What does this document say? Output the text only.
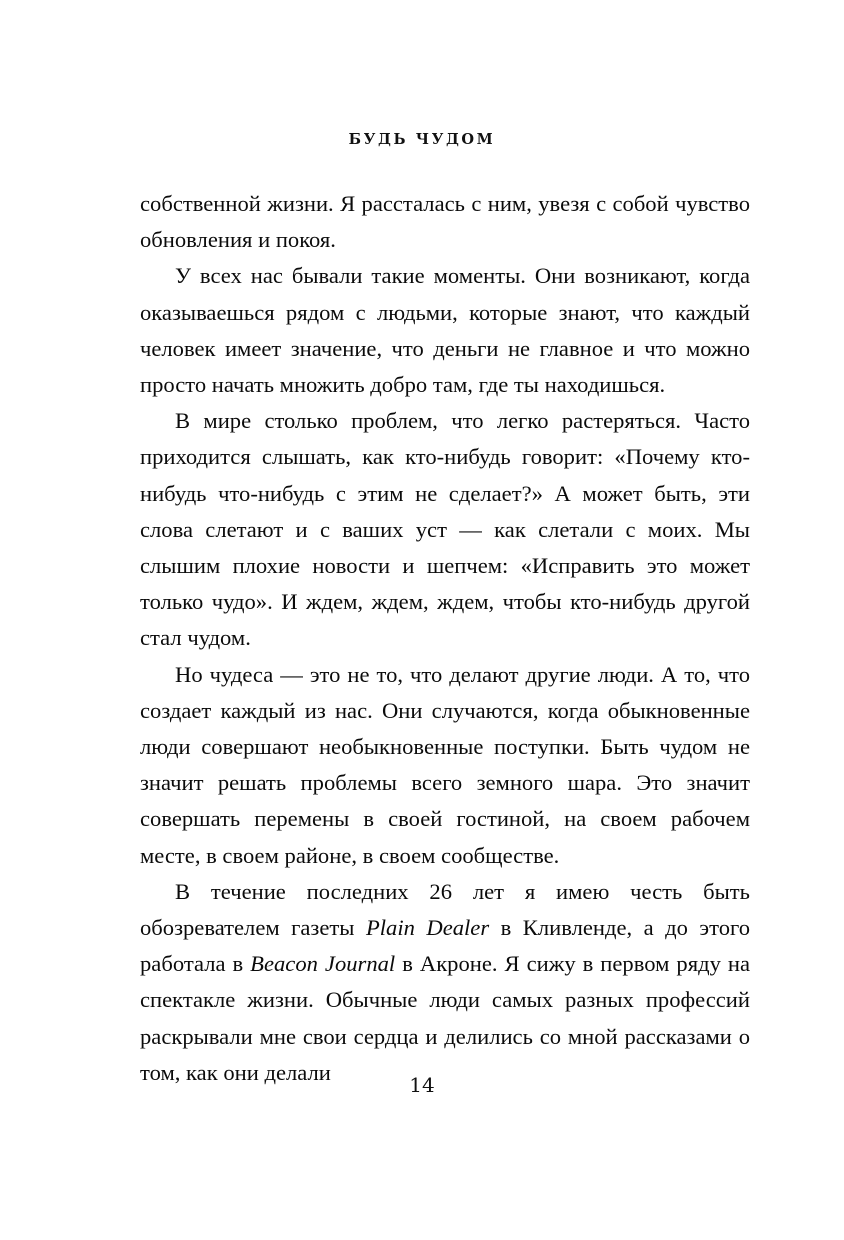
БУДЬ ЧУДОМ

собственной жизни. Я рассталась с ним, увезя с собой чувство обновления и покоя.

У всех нас бывали такие моменты. Они возникают, когда оказываешься рядом с людьми, которые знают, что каждый человек имеет значение, что деньги не главное и что можно просто начать множить добро там, где ты находишься.

В мире столько проблем, что легко растеряться. Часто приходится слышать, как кто-нибудь говорит: «Почему кто-нибудь что-нибудь с этим не сделает?» А может быть, эти слова слетают и с ваших уст — как слетали с моих. Мы слышим плохие новости и шепчем: «Исправить это может только чудо». И ждем, ждем, ждем, чтобы кто-нибудь другой стал чудом.

Но чудеса — это не то, что делают другие люди. А то, что создает каждый из нас. Они случаются, когда обыкновенные люди совершают необыкновенные поступки. Быть чудом не значит решать проблемы всего земного шара. Это значит совершать перемены в своей гостиной, на своем рабочем месте, в своем районе, в своем сообществе.

В течение последних 26 лет я имею честь быть обозревателем газеты Plain Dealer в Кливленде, а до этого работала в Beacon Journal в Акроне. Я сижу в первом ряду на спектакле жизни. Обычные люди самых разных профессий раскрывали мне свои сердца и делились со мной рассказами о том, как они делали

14
